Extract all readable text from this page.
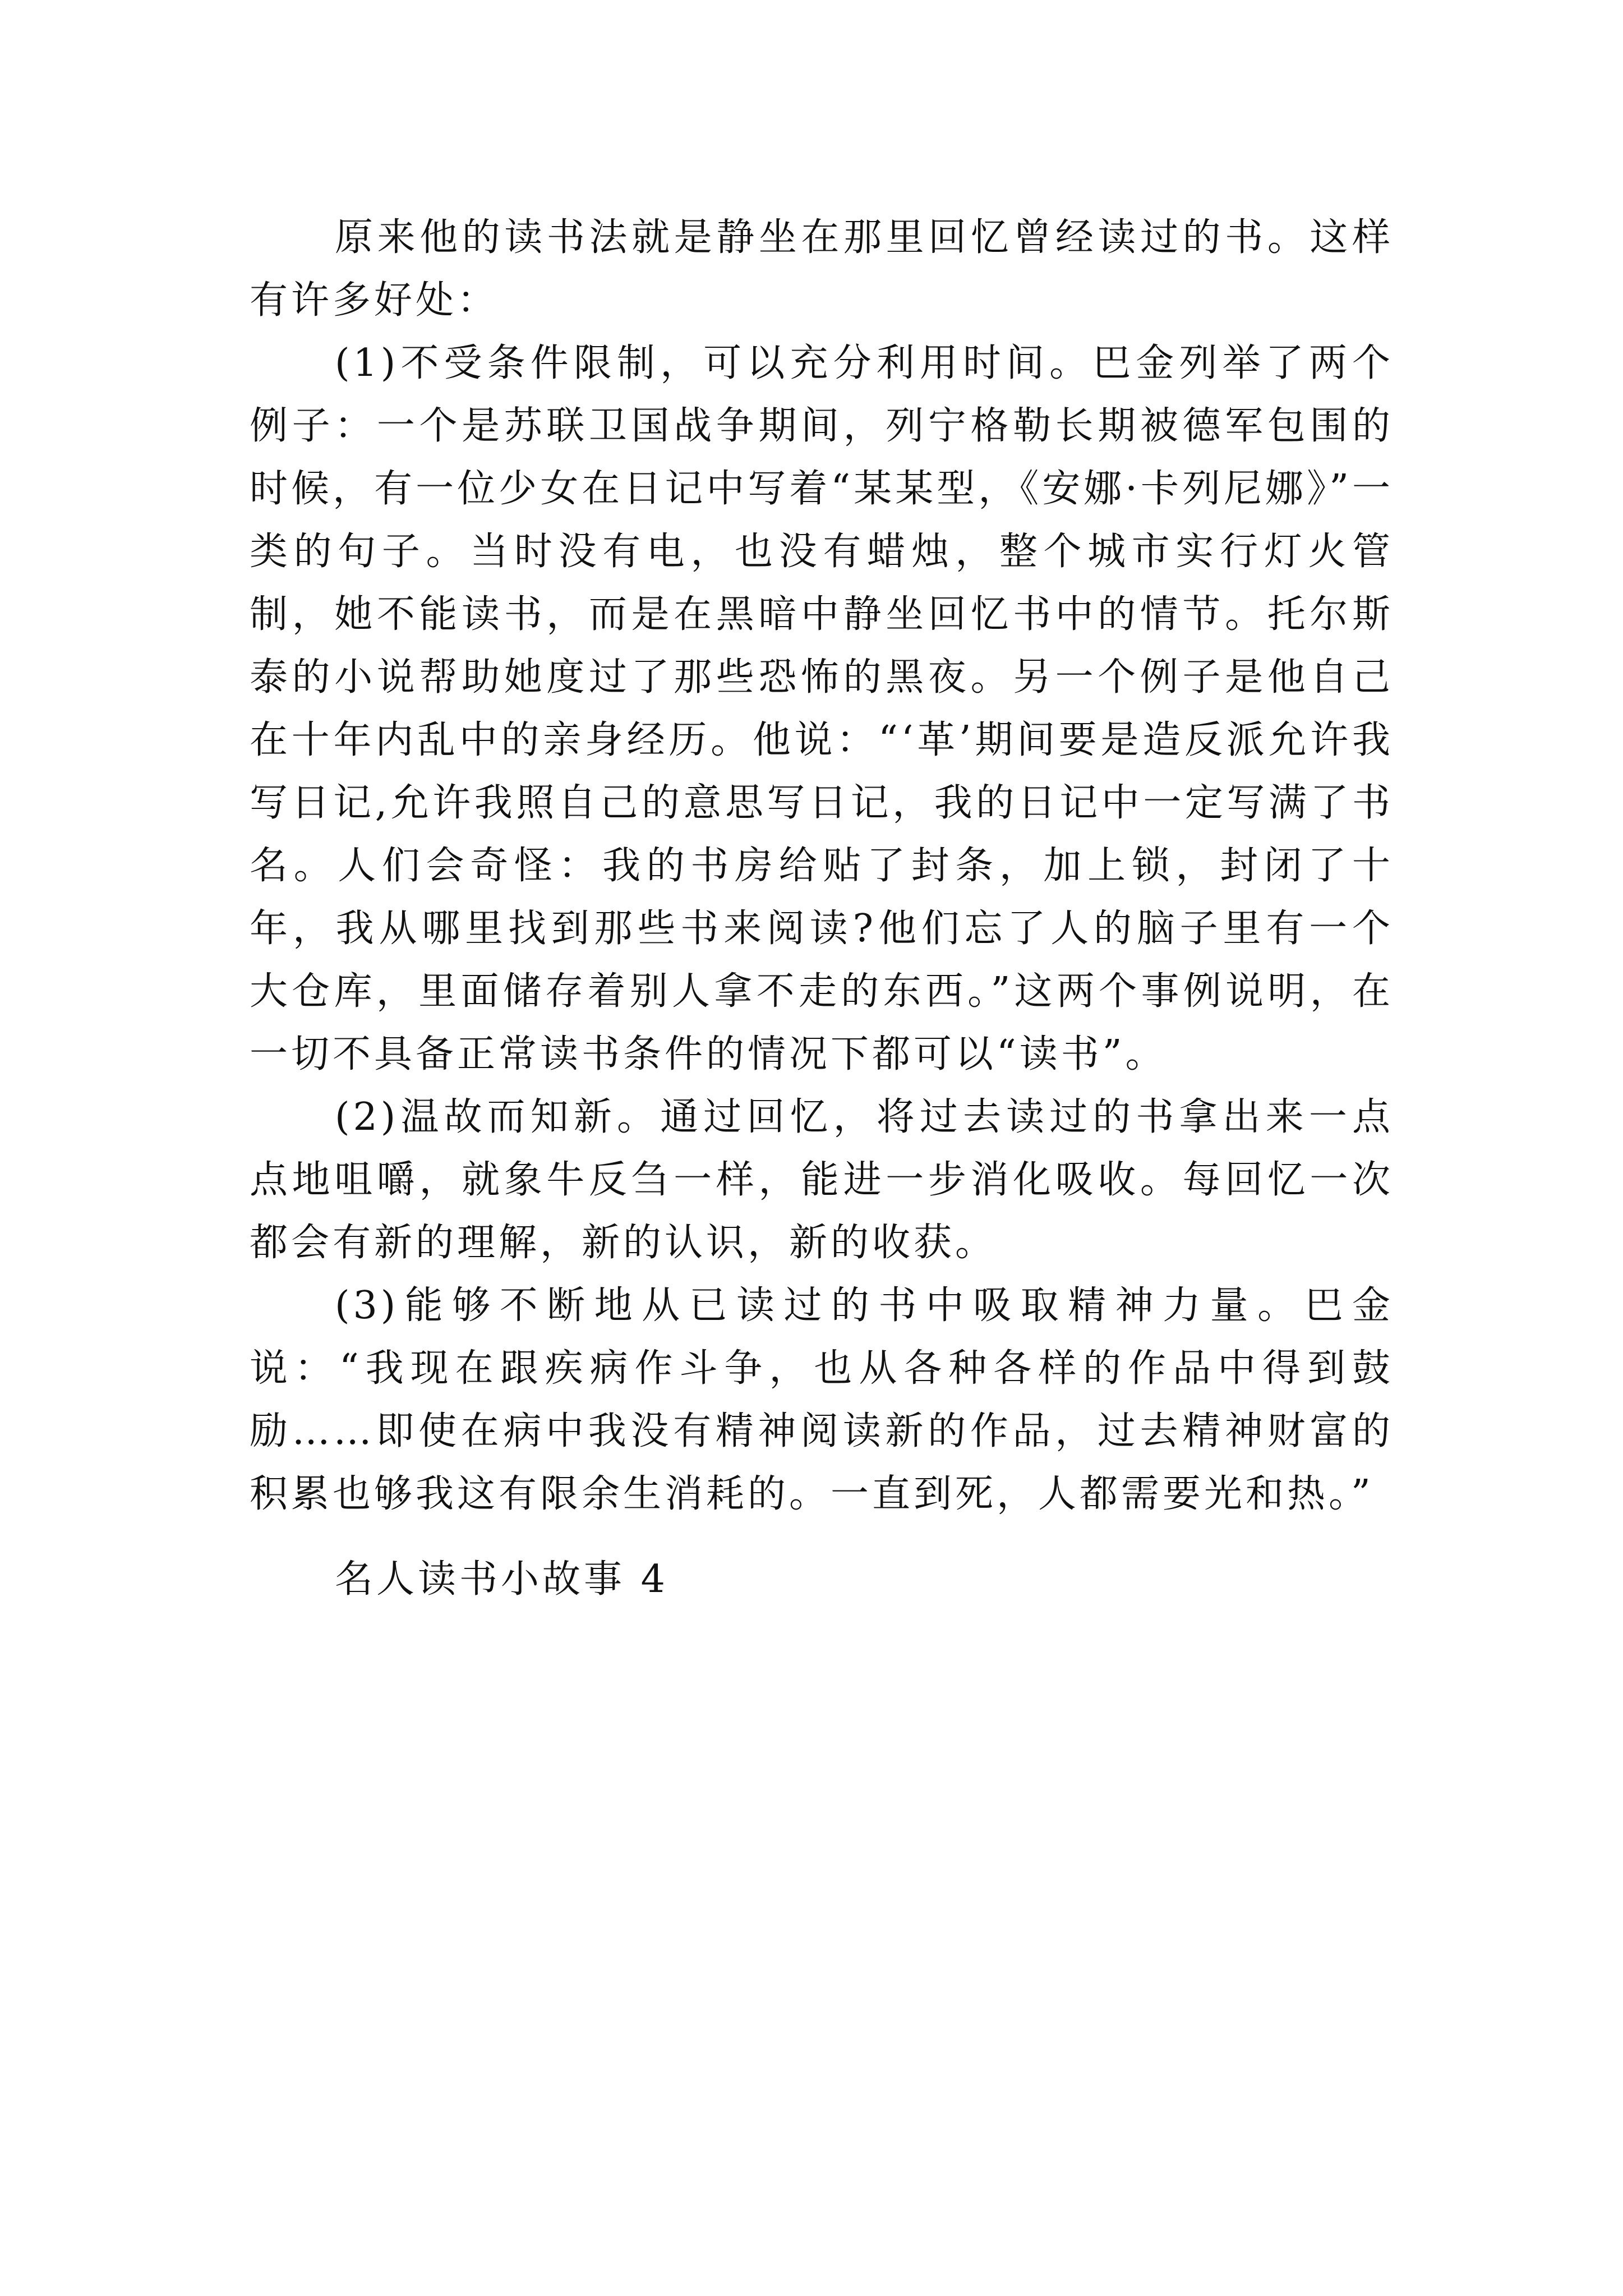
原来他的读书法就是静坐在那里回忆曾经读过的书。这样有许多好处：

(1)不受条件限制，可以充分利用时间。巴金列举了两个例子：一个是苏联卫国战争期间，列宁格勒长期被德军包围的时候，有一位少女在日记中写着“某某型，《安娜·卡列尼娜》”一类的句子。当时没有电，也没有蜡烛，整个城市实行灯火管制，她不能读书，而是在黑暗中静坐回忆书中的情节。托尔斯泰的小说帮助她度过了那些恐怖的黑夜。另一个例子是他自己在十年内乱中的亲身经历。他说：“‘革’期间要是造反派允许我写日记,允许我照自己的意思写日记，我的日记中一定写满了书名。人们会奇怪：我的书房给贴了封条，加上锁，封闭了十年，我从哪里找到那些书来阅读?他们忘了人的脑子里有一个大仓库，里面储存着别人拿不走的东西。”这两个事例说明，在一切不具备正常读书条件的情况下都可以“读书”。

(2)温故而知新。通过回忆，将过去读过的书拿出来一点点地咀嚼，就象牛反刍一样，能进一步消化吸收。每回忆一次都会有新的理解，新的认识，新的收获。

(3)能够不断地从已读过的书中吸取精神力量。巴金说：“我现在跟疾病作斗争，也从各种各样的作品中得到鼓励……即使在病中我没有精神阅读新的作品，过去精神财富的积累也够我这有限余生消耗的。一直到死，人都需要光和热。”

名人读书小故事 4
